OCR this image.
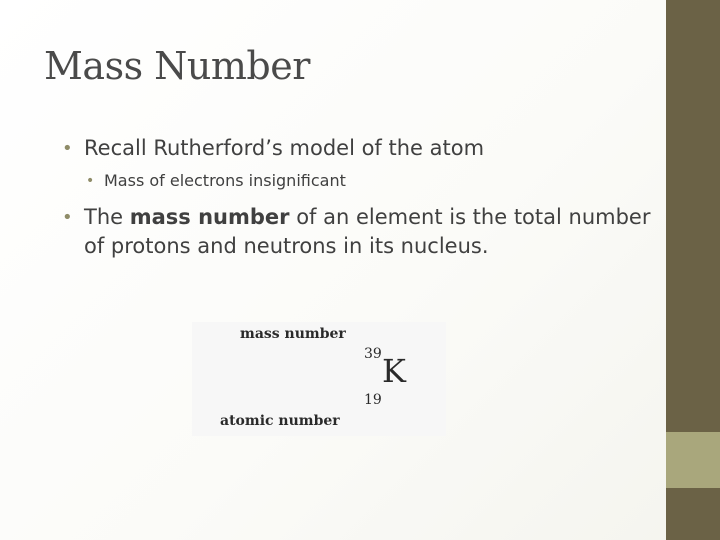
Mass Number
• Recall Rutherford’s model of the atom
• Mass of electrons insignificant
• The mass number of an element is the total number of protons and neutrons in its nucleus.
mass number
39 K
19
atomic number
